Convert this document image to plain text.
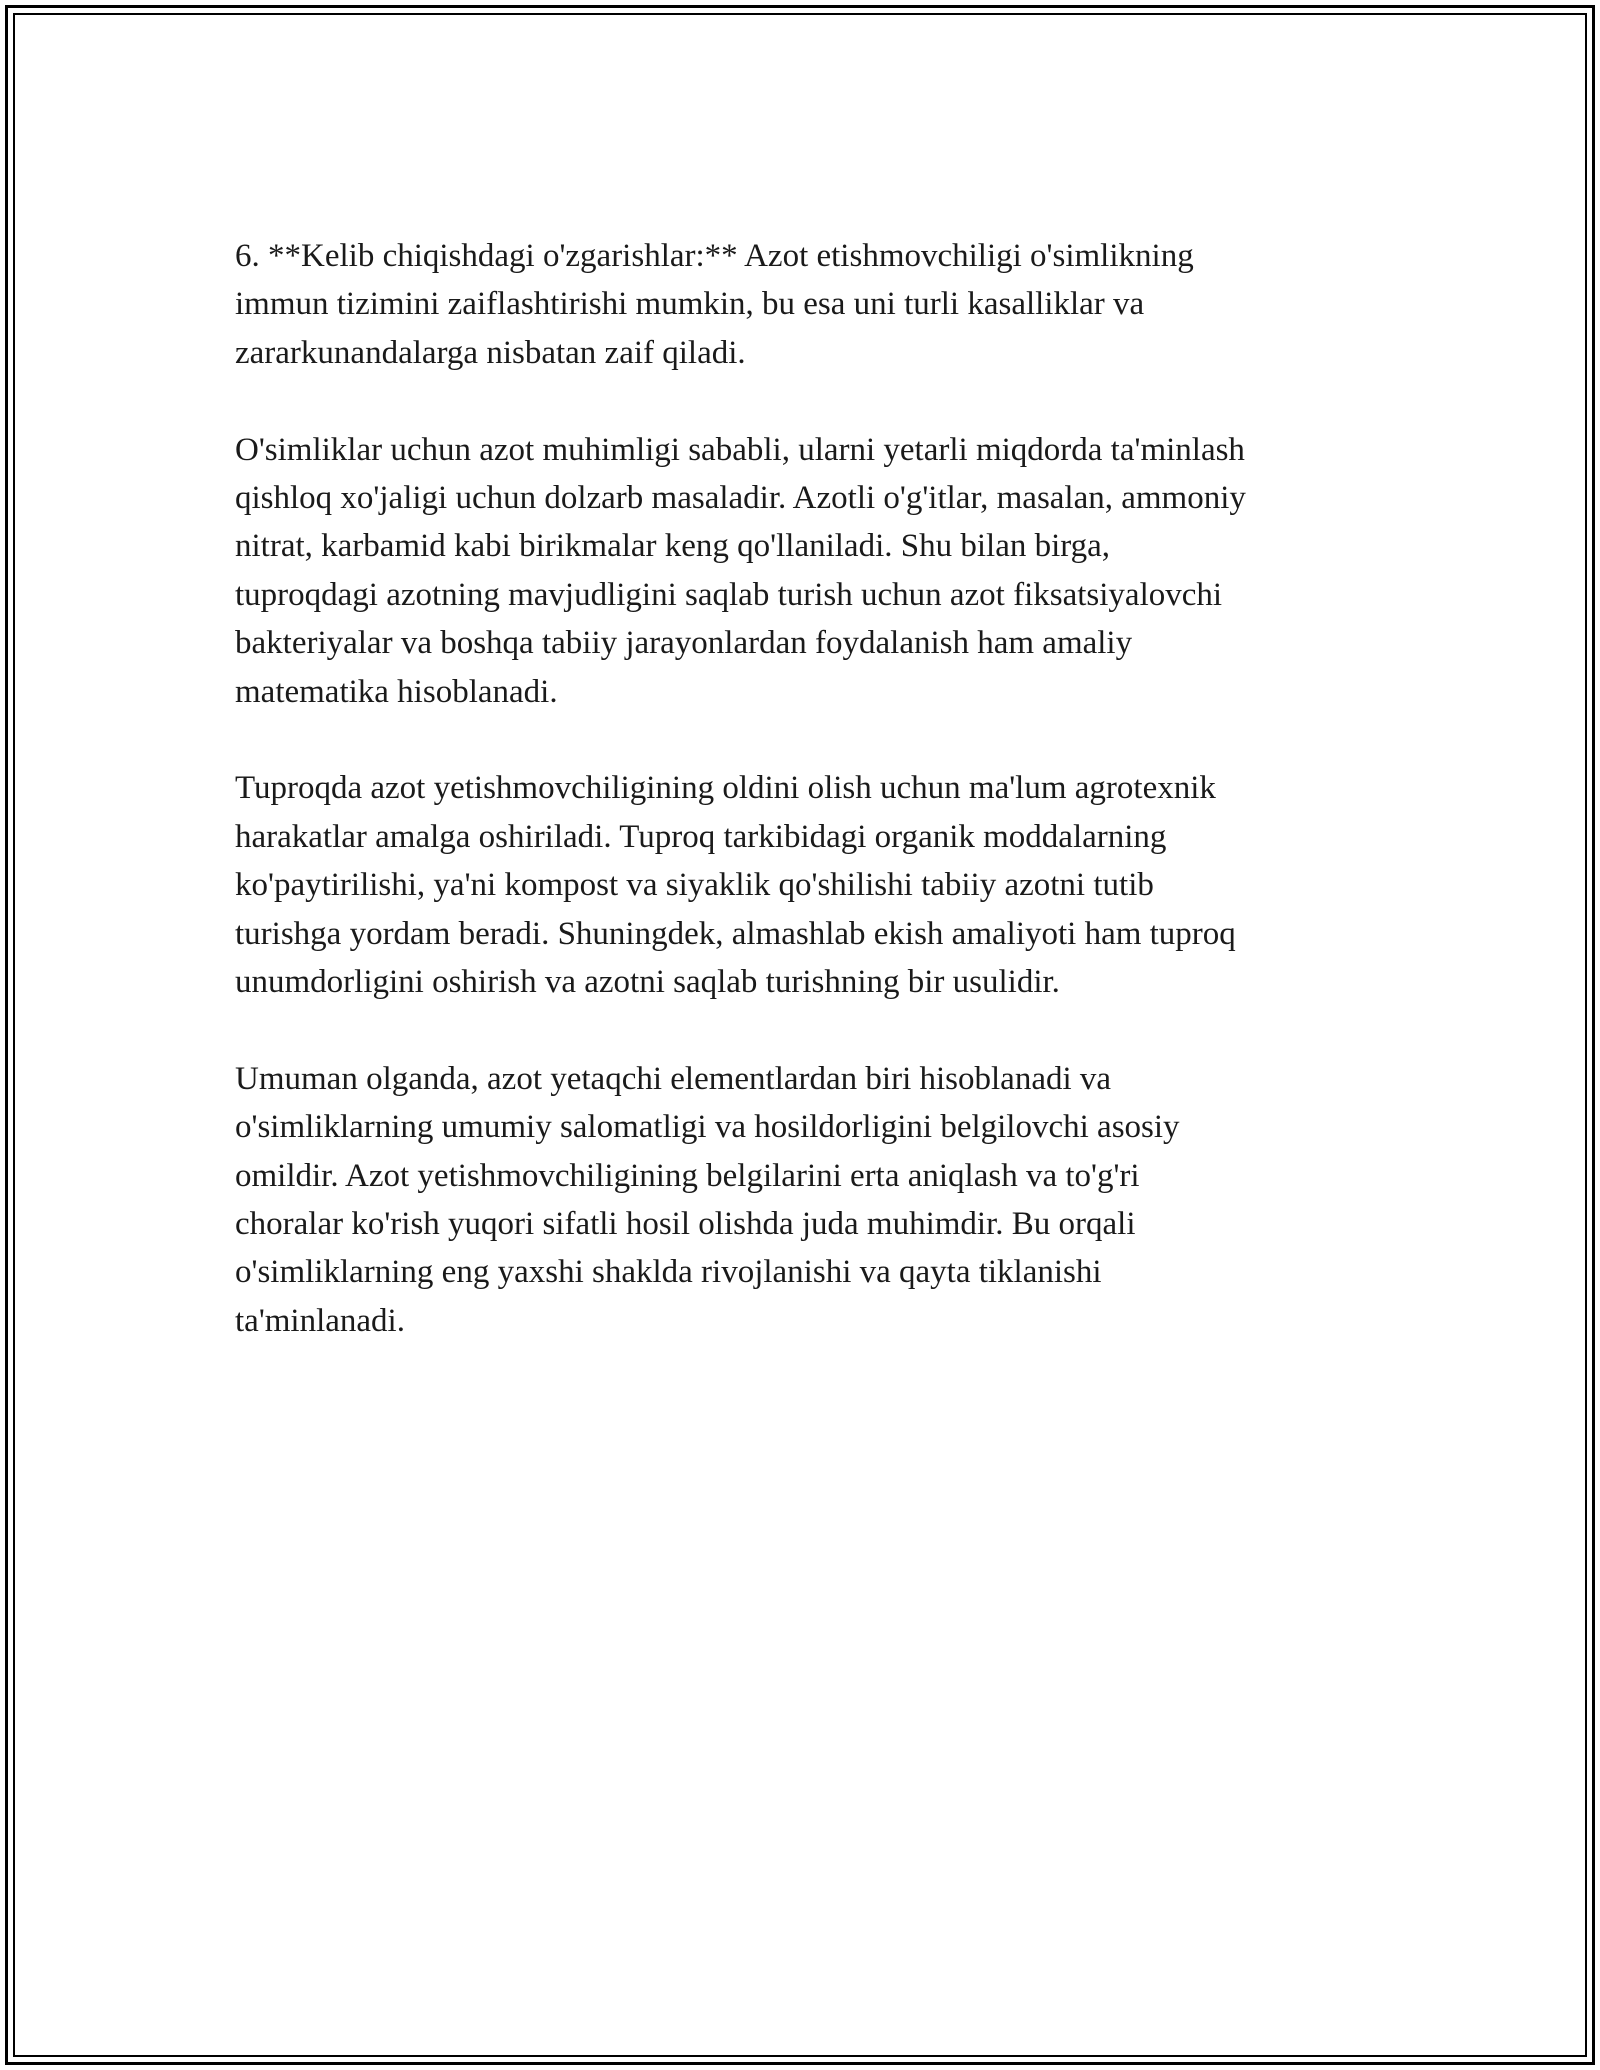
6. **Kelib chiqishdagi o'zgarishlar:** Azot etishmovchiligi o'simlikning
immun tizimini zaiflashtirishi mumkin, bu esa uni turli kasalliklar va
zararkunandalarga nisbatan zaif qiladi.

O'simliklar uchun azot muhimligi sababli, ularni yetarli miqdorda ta'minlash
qishloq xo'jaligi uchun dolzarb masaladir. Azotli o'g'itlar, masalan, ammoniy
nitrat, karbamid kabi birikmalar keng qo'llaniladi. Shu bilan birga,
tuproqdagi azotning mavjudligini saqlab turish uchun azot fiksatsiyalovchi
bakteriyalar va boshqa tabiiy jarayonlardan foydalanish ham amaliy
matematika hisoblanadi.

Tuproqda azot yetishmovchiligining oldini olish uchun ma'lum agrotexnik
harakatlar amalga oshiriladi. Tuproq tarkibidagi organik moddalarning
ko'paytirilishi, ya'ni kompost va siyaklik qo'shilishi tabiiy azotni tutib
turishga yordam beradi. Shuningdek, almashlab ekish amaliyoti ham tuproq
unumdorligini oshirish va azotni saqlab turishning bir usulidir.

Umuman olganda, azot yetaqchi elementlardan biri hisoblanadi va
o'simliklarning umumiy salomatligi va hosildorligini belgilovchi asosiy
omildir. Azot yetishmovchiligining belgilarini erta aniqlash va to'g'ri
choralar ko'rish yuqori sifatli hosil olishda juda muhimdir. Bu orqali
o'simliklarning eng yaxshi shaklda rivojlanishi va qayta tiklanishi
ta'minlanadi.
